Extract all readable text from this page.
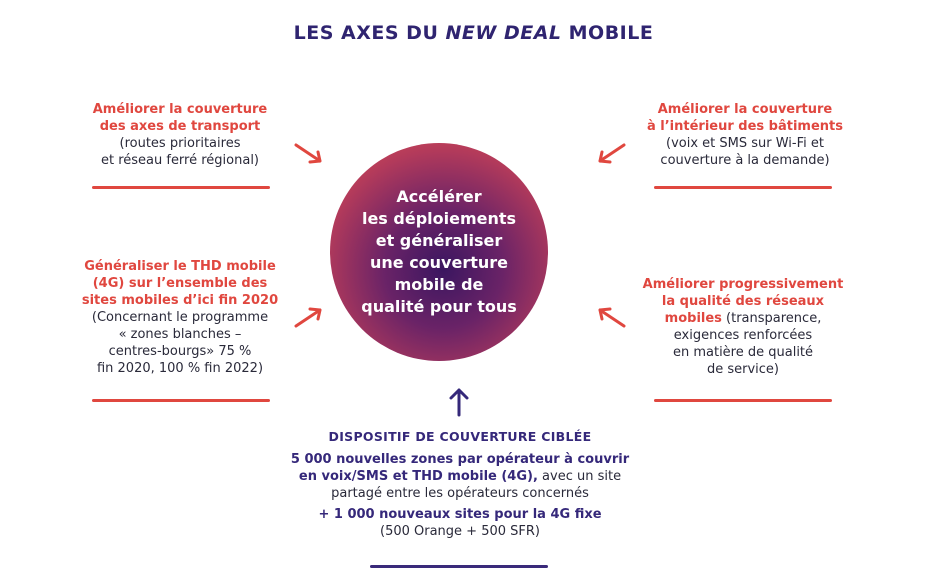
LES AXES DU NEW DEAL MOBILE
Améliorer la couverture
des axes de transport
(routes prioritaires
et réseau ferré régional)
Améliorer la couverture
à l’intérieur des bâtiments
(voix et SMS sur Wi-Fi et
couverture à la demande)
Généraliser le THD mobile
(4G) sur l’ensemble des
sites mobiles d’ici fin 2020
(Concernant le programme
« zones blanches –
centres-bourgs» 75 %
fin 2020, 100 % fin 2022)
Améliorer progressivement
la qualité des réseaux
mobiles (transparence,
exigences renforcées
en matière de qualité
de service)
Accélérer
les déploiements
et généraliser
une couverture
mobile de
qualité pour tous
DISPOSITIF DE COUVERTURE CIBLÉE
5 000 nouvelles zones par opérateur à couvrir
en voix/SMS et THD mobile (4G), avec un site
partagé entre les opérateurs concernés
+ 1 000 nouveaux sites pour la 4G fixe
(500 Orange + 500 SFR)
